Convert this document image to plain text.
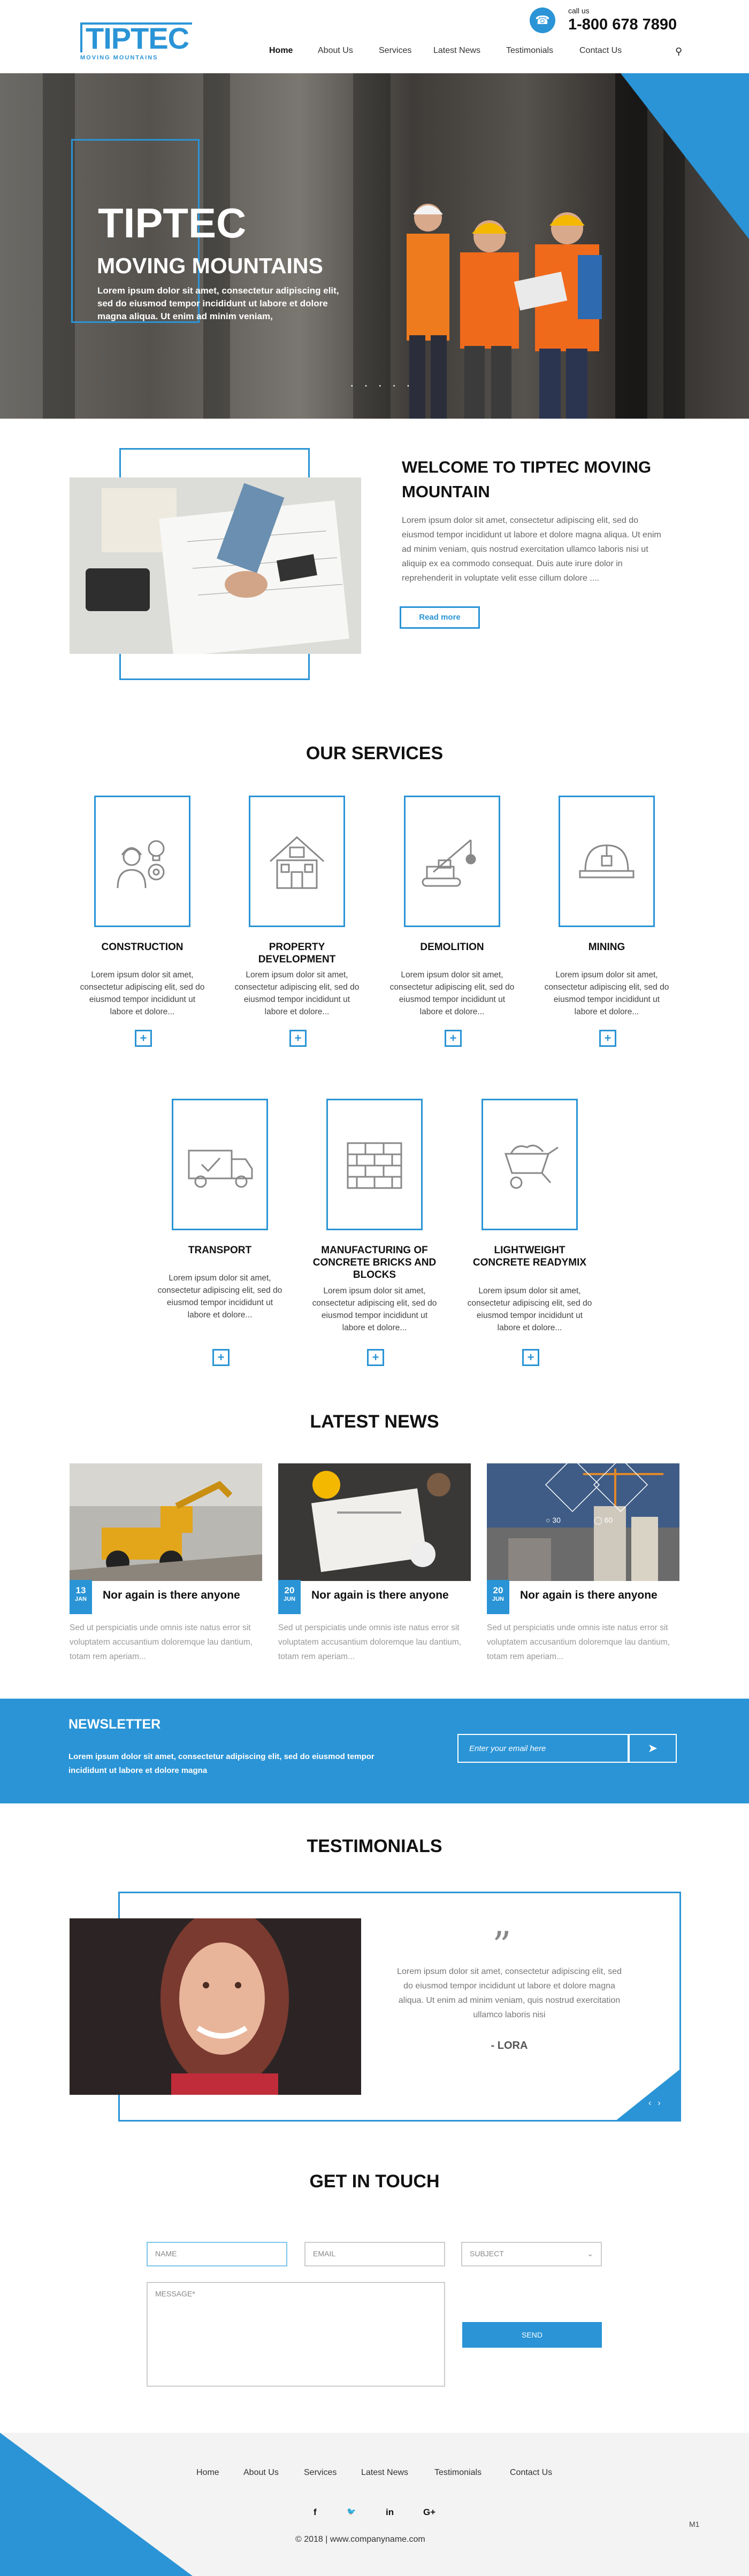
TIPTEC
MOVING MOUNTAINS
☎
call us
1-800 678 7890
Home	About Us	Services	Latest News	Testimonials	Contact Us	⚲
TIPTEC
MOVING MOUNTAINS
Lorem ipsum dolor sit amet, consectetur adipiscing elit, sed do eiusmod tempor incididunt ut labore et dolore magna aliqua. Ut enim ad minim veniam,
• • • • •
WELCOME TO TIPTEC MOVING MOUNTAIN
Lorem ipsum dolor sit amet, consectetur adipiscing elit, sed do eiusmod tempor incididunt ut labore et dolore magna aliqua. Ut enim ad minim veniam, quis nostrud exercitation ullamco laboris nisi ut aliquip ex ea commodo consequat. Duis aute irure dolor in reprehenderit in voluptate velit esse cillum dolore ....
Read more
OUR SERVICES
CONSTRUCTION
Lorem ipsum dolor sit amet, consectetur adipiscing elit, sed do eiusmod tempor incididunt ut labore et dolore...
+
PROPERTY DEVELOPMENT
Lorem ipsum dolor sit amet, consectetur adipiscing elit, sed do eiusmod tempor incididunt ut labore et dolore...
+
DEMOLITION
Lorem ipsum dolor sit amet, consectetur adipiscing elit, sed do eiusmod tempor incididunt ut labore et dolore...
+
MINING
Lorem ipsum dolor sit amet, consectetur adipiscing elit, sed do eiusmod tempor incididunt ut labore et dolore...
+
TRANSPORT
Lorem ipsum dolor sit amet, consectetur adipiscing elit, sed do eiusmod tempor incididunt ut labore et dolore...
+
MANUFACTURING OF CONCRETE BRICKS AND BLOCKS
Lorem ipsum dolor sit amet, consectetur adipiscing elit, sed do eiusmod tempor incididunt ut labore et dolore...
+
LIGHTWEIGHT CONCRETE READYMIX
Lorem ipsum dolor sit amet, consectetur adipiscing elit, sed do eiusmod tempor incididunt ut labore et dolore...
+
LATEST NEWS
13
JAN	Nor again is there anyone
Sed ut perspiciatis unde omnis iste natus error sit voluptatem accusantium doloremque lau dantium, totam rem aperiam...
20
JUN	Nor again is there anyone
Sed ut perspiciatis unde omnis iste natus error sit voluptatem accusantium doloremque lau dantium, totam rem aperiam...
○ 30	◯ 60
20
JUN	Nor again is there anyone
Sed ut perspiciatis unde omnis iste natus error sit voluptatem accusantium doloremque lau dantium, totam rem aperiam...
NEWSLETTER
Lorem ipsum dolor sit amet, consectetur adipiscing elit, sed do eiusmod tempor incididunt ut labore et dolore magna
Enter your email here
➤
TESTIMONIALS
”
Lorem ipsum dolor sit amet, consectetur adipiscing elit, sed do eiusmod tempor incididunt ut labore et dolore magna aliqua. Ut enim ad minim veniam, quis nostrud exercitation ullamco laboris nisi
- LORA
‹›
GET IN TOUCH
NAME	EMAIL	SUBJECT	⌄
MESSAGE*
SEND
Home	About Us	Services	Latest News	Testimonials	Contact Us
f	🐦	in	G+
M1
© 2018 | www.companyname.com
